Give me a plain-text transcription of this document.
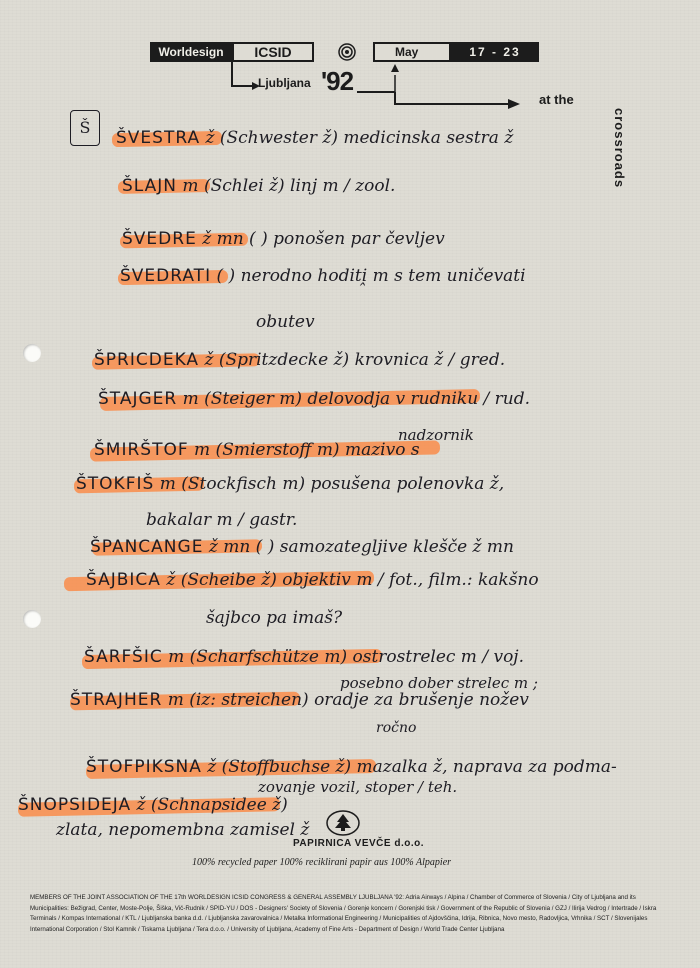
Worldesign	ICSID	May	17 - 23
Ljubljana '92
at the
crossroads
Š
ŠVESTRA ž (Schwester ž) medicinska sestra ž
ŠLAJN m (Schlei ž) linj m / zool.
ŠVEDRE ž mn ( ) ponošen par čevljev
ŠVEDRATI ( ) nerodno hoditi̭ m s tem uničevati
obutev
ŠPRICDEKA ž (Spritzdecke ž) krovnica ž / gred.
ŠTAJGER m (Steiger m) delovodja v rudniku / rud.
nadzornik
ŠMIRŠTOF m (Smierstoff m) mazivo s
ŠTOKFIŠ m (Stockfisch m) posušena polenovka ž,
bakalar m / gastr.
ŠPANCANGE ž mn ( ) samozategljive klešče ž mn
ŠAJBICA ž (Scheibe ž) objektiv m / fot., film.: kakšno
šajbco pa imaš?
ŠARFŠIC m (Scharfschütze m) ostrostrelec m / voj.
posebno dober strelec m ;
ŠTRAJHER m (iz: streichen) oradje za brušenje nožev
ročno
ŠTOFPIKSNA ž (Stoffbuchse ž) mazalka ž, naprava za podma-
zovanje vozil, stoper / teh.
ŠNOPSIDEJA ž (Schnapsidee ž)
zlata, nepomembna zamisel ž
PAPIRNICA VEVČE d.o.o.
100% recycled paper 100% reciklirani papir aus 100% Alpapier
MEMBERS OF THE JOINT ASSOCIATION OF THE 17th WORLDESIGN ICSID CONGRESS & GENERAL ASSEMBLY LJUBLJANA '92: Adria Airways / Alpina / Chamber of Commerce of Slovenia / City of Ljubljana and its Municipalities: Bežigrad, Center, Moste-Polje, Šiška, Vič-Rudnik / SPID-YU / DOS - Designers' Society of Slovenia / Gorenje koncern / Gorenjski tisk / Government of the Republic of Slovenia / GZJ / Ilirija Vedrog / Intertrade / Iskra Terminals / Kompas International / KTL / Ljubljanska banka d.d. / Ljubljanska zavarovalnica / Metalka Informational Engineering / Municipalities of Ajdovščina, Idrija, Ribnica, Novo mesto, Radovljica, Vrhnika / SCT / Slovenijales International Corporation / Stol Kamnik / Tiskarna Ljubljana / Tera d.o.o. / University of Ljubljana, Academy of Fine Arts - Department of Design / World Trade Center Ljubljana
